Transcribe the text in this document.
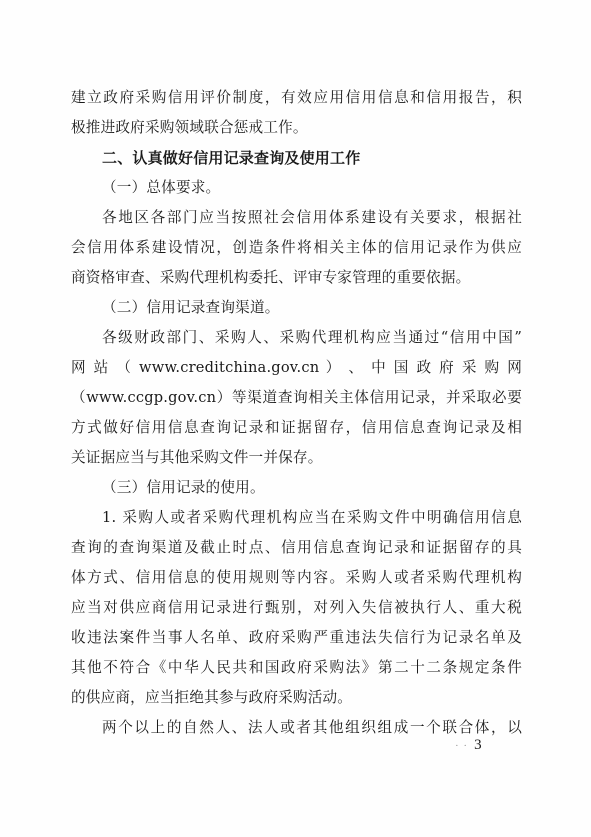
建立政府采购信用评价制度，有效应用信用信息和信用报告，积
极推进政府采购领域联合惩戒工作。
二、认真做好信用记录查询及使用工作
（一）总体要求。
各地区各部门应当按照社会信用体系建设有关要求，根据社
会信用体系建设情况，创造条件将相关主体的信用记录作为供应
商资格审查、采购代理机构委托、评审专家管理的重要依据。
（二）信用记录查询渠道。
各级财政部门、采购人、采购代理机构应当通过“信用中国”
网 站 （ www.creditchina.gov.cn ） 、 中 国 政 府 采 购 网
（www.ccgp.gov.cn）等渠道查询相关主体信用记录，并采取必要
方式做好信用信息查询记录和证据留存，信用信息查询记录及相
关证据应当与其他采购文件一并保存。
（三）信用记录的使用。
1. 采购人或者采购代理机构应当在采购文件中明确信用信息
查询的查询渠道及截止时点、信用信息查询记录和证据留存的具
体方式、信用信息的使用规则等内容。采购人或者采购代理机构
应当对供应商信用记录进行甄别，对列入失信被执行人、重大税
收违法案件当事人名单、政府采购严重违法失信行为记录名单及
其他不符合《中华人民共和国政府采购法》第二十二条规定条件
的供应商，应当拒绝其参与政府采购活动。
两个以上的自然人、法人或者其他组织组成一个联合体，以
· · 3
